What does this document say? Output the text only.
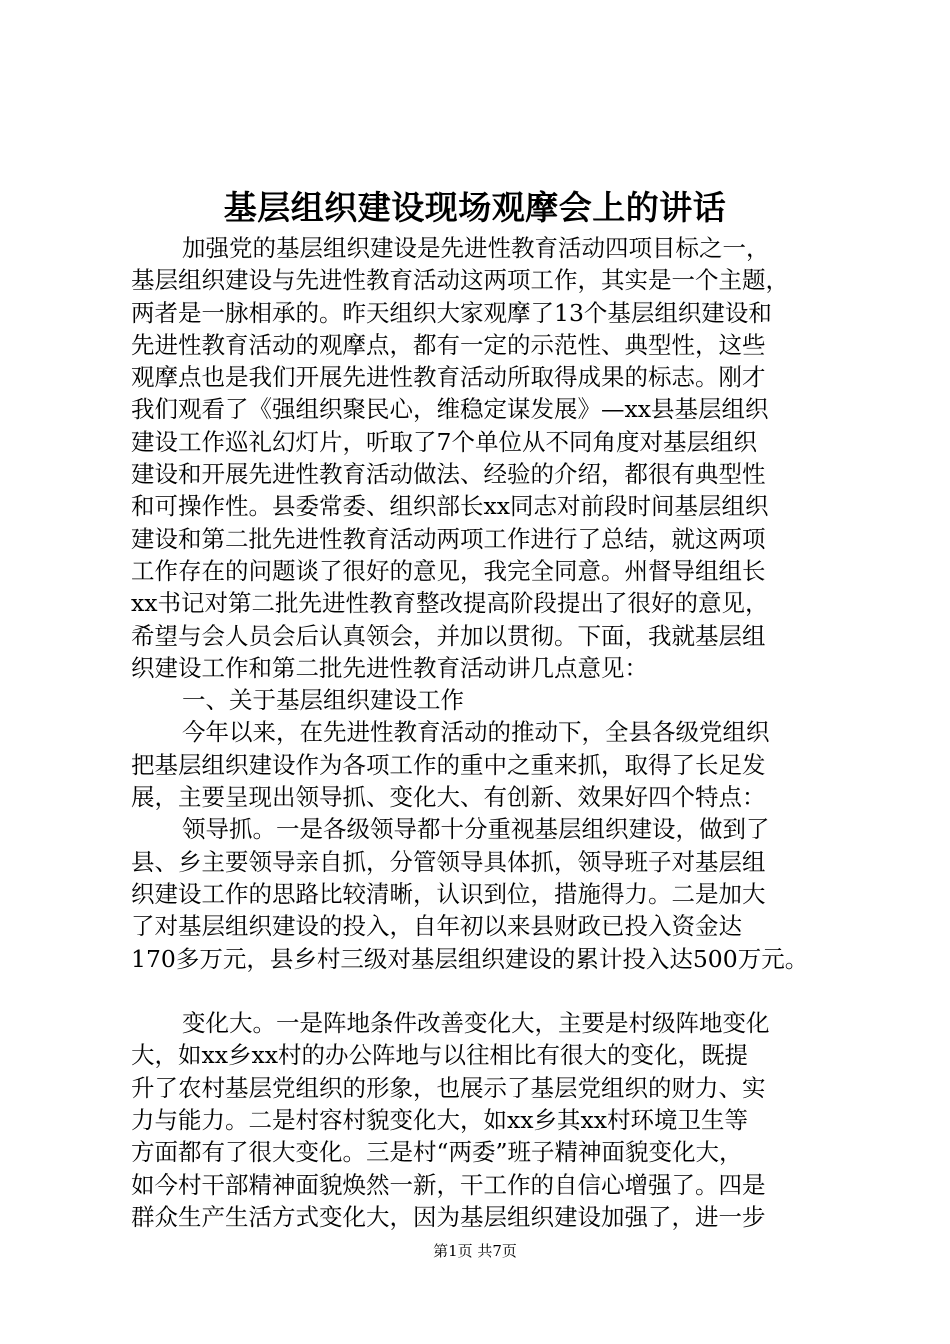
基层组织建设现场观摩会上的讲话
加强党的基层组织建设是先进性教育活动四项目标之一，
基层组织建设与先进性教育活动这两项工作，其实是一个主题，
两者是一脉相承的。昨天组织大家观摩了13个基层组织建设和
先进性教育活动的观摩点，都有一定的示范性、典型性，这些
观摩点也是我们开展先进性教育活动所取得成果的标志。刚才
我们观看了《强组织聚民心，维稳定谋发展》—xx县基层组织
建设工作巡礼幻灯片，听取了7个单位从不同角度对基层组织
建设和开展先进性教育活动做法、经验的介绍，都很有典型性
和可操作性。县委常委、组织部长xx同志对前段时间基层组织
建设和第二批先进性教育活动两项工作进行了总结，就这两项
工作存在的问题谈了很好的意见，我完全同意。州督导组组长
xx书记对第二批先进性教育整改提高阶段提出了很好的意见，
希望与会人员会后认真领会，并加以贯彻。下面，我就基层组
织建设工作和第二批先进性教育活动讲几点意见：
一、关于基层组织建设工作
今年以来，在先进性教育活动的推动下，全县各级党组织
把基层组织建设作为各项工作的重中之重来抓，取得了长足发
展，主要呈现出领导抓、变化大、有创新、效果好四个特点：
领导抓。一是各级领导都十分重视基层组织建设，做到了
县、乡主要领导亲自抓，分管领导具体抓，领导班子对基层组
织建设工作的思路比较清晰，认识到位，措施得力。二是加大
了对基层组织建设的投入，自年初以来县财政已投入资金达
170多万元，县乡村三级对基层组织建设的累计投入达500万元。
变化大。一是阵地条件改善变化大，主要是村级阵地变化
大，如xx乡xx村的办公阵地与以往相比有很大的变化，既提
升了农村基层党组织的形象，也展示了基层党组织的财力、实
力与能力。二是村容村貌变化大，如xx乡其xx村环境卫生等
方面都有了很大变化。三是村“两委”班子精神面貌变化大，
如今村干部精神面貌焕然一新，干工作的自信心增强了。四是
群众生产生活方式变化大，因为基层组织建设加强了，进一步
第1页 共7页
